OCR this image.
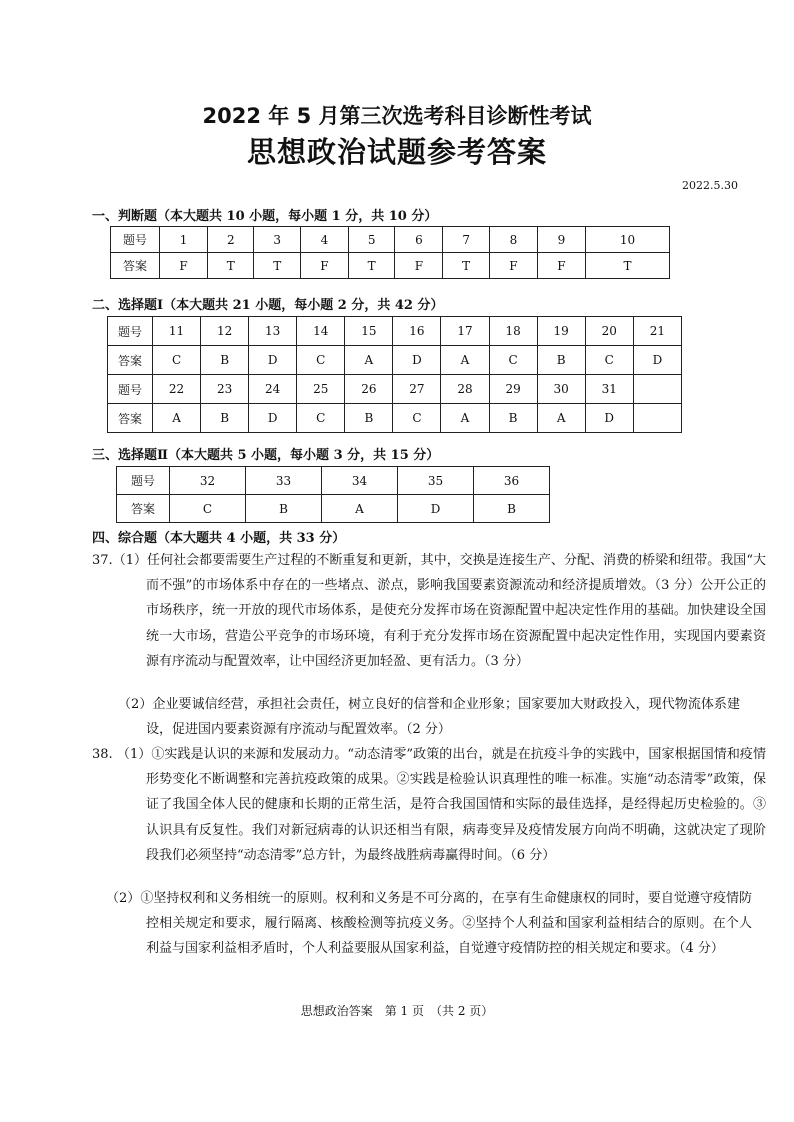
2022 年 5 月第三次选考科目诊断性考试
思想政治试题参考答案
2022.5.30
一、判断题（本大题共 10 小题，每小题 1 分，共 10 分）
题号	1	2	3	4	5	6	7	8	9	10
答案	F	T	T	F	T	F	T	F	F	T
二、选择题Ⅰ（本大题共 21 小题，每小题 2 分，共 42 分）
题号	11	12	13	14	15	16	17	18	19	20	21
答案	C	B	D	C	A	D	A	C	B	C	D
题号	22	23	24	25	26	27	28	29	30	31	
答案	A	B	D	C	B	C	A	B	A	D	
三、选择题Ⅱ（本大题共 5 小题，每小题 3 分，共 15 分）
题号	32	33	34	35	36
答案	C	B	A	D	B
四、综合题（本大题共 4 小题，共 33 分）

37.（1）任何社会都要需要生产过程的不断重复和更新，其中，交换是连接生产、分配、消费的桥梁和纽带。我国“大而不强”的市场体系中存在的一些堵点、淤点，影响我国要素资源流动和经济提质增效。（3 分）公开公正的市场秩序，统一开放的现代市场体系，是使充分发挥市场在资源配置中起决定性作用的基础。加快建设全国统一大市场，营造公平竞争的市场环境，有利于充分发挥市场在资源配置中起决定性作用，实现国内要素资源有序流动与配置效率，让中国经济更加轻盈、更有活力。（3 分）

（2）企业要诚信经营，承担社会责任，树立良好的信誉和企业形象；国家要加大财政投入，现代物流体系建设，促进国内要素资源有序流动与配置效率。（2 分）

38. （1）①实践是认识的来源和发展动力。“动态清零”政策的出台，就是在抗疫斗争的实践中，国家根据国情和疫情形势变化不断调整和完善抗疫政策的成果。②实践是检验认识真理性的唯一标准。实施“动态清零”政策，保证了我国全体人民的健康和长期的正常生活，是符合我国国情和实际的最佳选择，是经得起历史检验的。③认识具有反复性。我们对新冠病毒的认识还相当有限，病毒变异及疫情发展方向尚不明确，这就决定了现阶段我们必须坚持“动态清零”总方针，为最终战胜病毒赢得时间。（6 分）

（2）①坚持权利和义务相统一的原则。权利和义务是不可分离的，在享有生命健康权的同时，要自觉遵守疫情防控相关规定和要求，履行隔离、核酸检测等抗疫义务。②坚持个人利益和国家利益相结合的原则。在个人利益与国家利益相矛盾时，个人利益要服从国家利益，自觉遵守疫情防控的相关规定和要求。（4 分）

思想政治答案　第 1 页　（共 2 页）
